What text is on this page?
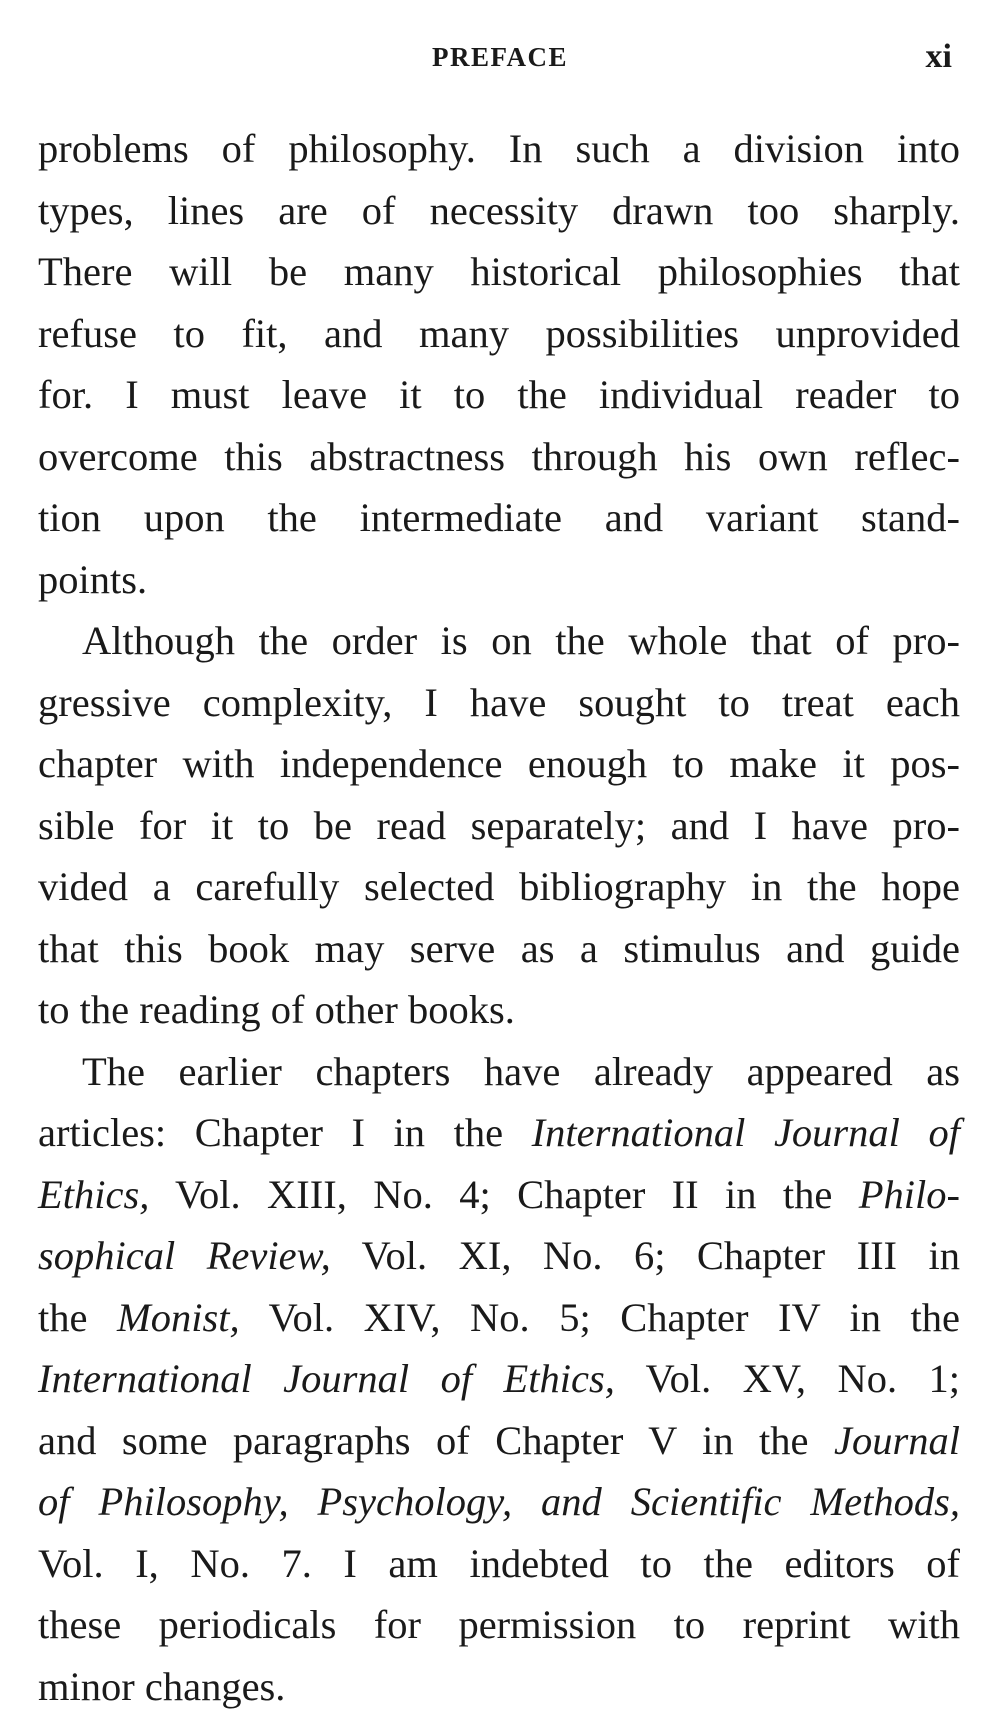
PREFACE	xi
problems of philosophy. In such a division into
types, lines are of necessity drawn too sharply.
There will be many historical philosophies that
refuse to fit, and many possibilities unprovided
for. I must leave it to the individual reader to
overcome this abstractness through his own reflec-
tion upon the intermediate and variant stand-
points.
Although the order is on the whole that of pro-
gressive complexity, I have sought to treat each
chapter with independence enough to make it pos-
sible for it to be read separately; and I have pro-
vided a carefully selected bibliography in the hope
that this book may serve as a stimulus and guide
to the reading of other books.
The earlier chapters have already appeared as
articles: Chapter I in the International Journal of
Ethics, Vol. XIII, No. 4; Chapter II in the Philo-
sophical Review, Vol. XI, No. 6; Chapter III in
the Monist, Vol. XIV, No. 5; Chapter IV in the
International Journal of Ethics, Vol. XV, No. 1;
and some paragraphs of Chapter V in the Journal
of Philosophy, Psychology, and Scientific Methods,
Vol. I, No. 7. I am indebted to the editors of
these periodicals for permission to reprint with
minor changes.
